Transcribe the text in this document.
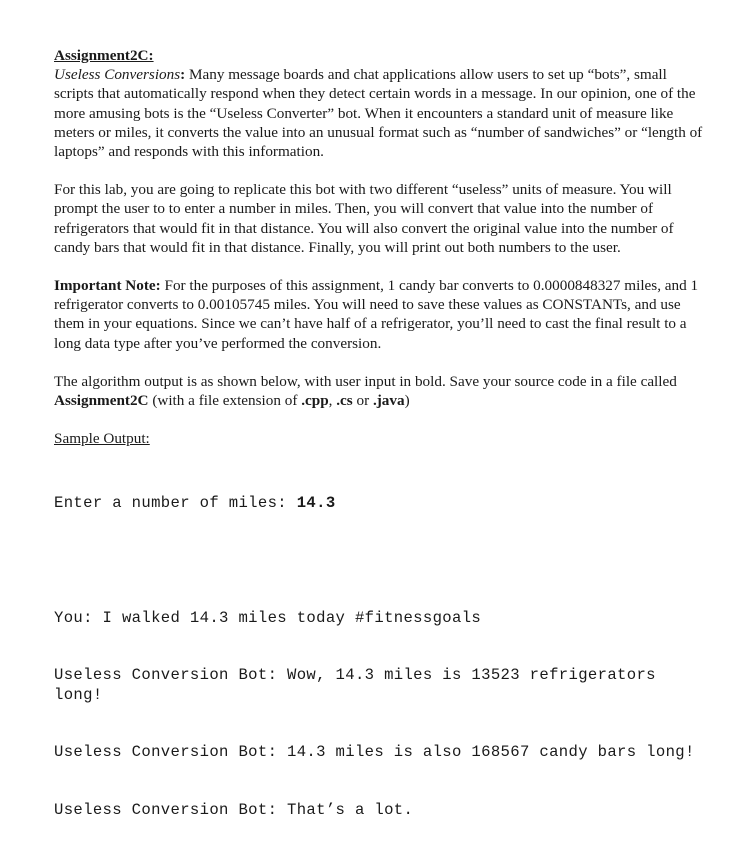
Assignment2C:

Useless Conversions: Many message boards and chat applications allow users to set up “bots”, small scripts that automatically respond when they detect certain words in a message. In our opinion, one of the more amusing bots is the “Useless Converter” bot. When it encounters a standard unit of measure like meters or miles, it converts the value into an unusual format such as “number of sandwiches” or “length of laptops” and responds with this information.

For this lab, you are going to replicate this bot with two different “useless” units of measure. You will prompt the user to to enter a number in miles. Then, you will convert that value into the number of refrigerators that would fit in that distance. You will also convert the original value into the number of candy bars that would fit in that distance. Finally, you will print out both numbers to the user.

Important Note: For the purposes of this assignment, 1 candy bar converts to 0.0000848327 miles, and 1 refrigerator converts to 0.00105745 miles. You will need to save these values as CONSTANTs, and use them in your equations. Since we can’t have half of a refrigerator, you’ll need to cast the final result to a long data type after you’ve performed the conversion.

The algorithm output is as shown below, with user input in bold. Save your source code in a file called Assignment2C (with a file extension of .cpp, .cs or .java)

Sample Output:

Enter a number of miles: 14.3

You: I walked 14.3 miles today #fitnessgoals

Useless Conversion Bot: Wow, 14.3 miles is 13523 refrigerators long!

Useless Conversion Bot: 14.3 miles is also 168567 candy bars long!

Useless Conversion Bot: That’s a lot.
